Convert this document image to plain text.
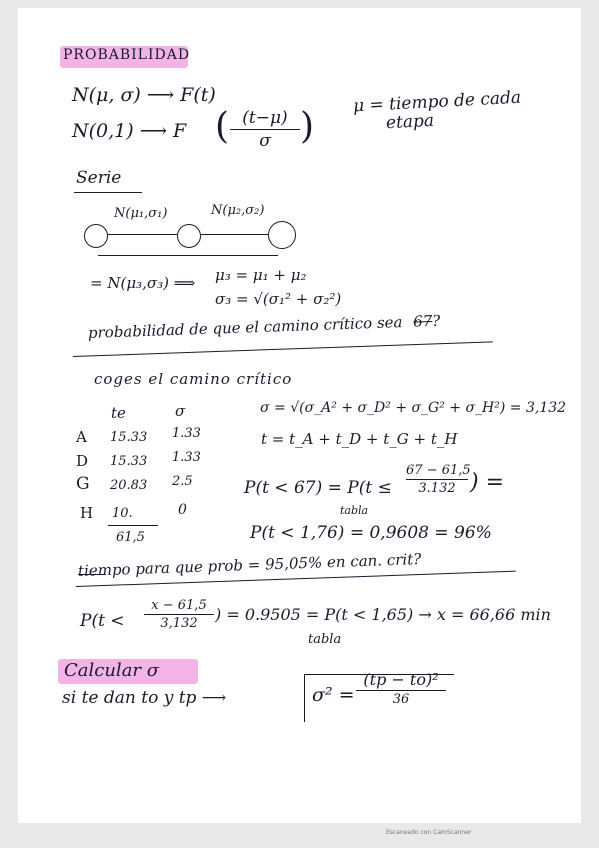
PROBABILIDAD
N(μ, σ) ⟶ F(t)
N(0,1) ⟶ F ( (t−μ)
σ )
μ = tiempo de cada
etapa
Serie
N(μ₁,σ₁)	N(μ₂,σ₂)
= N(μ₃,σ₃) ⟹ μ₃ = μ₁ + μ₂
σ₃ = √(σ₁² + σ₂²)
probabilidad de que el camino crítico sea 67?
coges el camino crítico
te	σ
A 15.33 1.33
D 15.33 1.33
G 20.83 2.5
H 10.	0
61,5
σ = √(σ_A² + σ_D² + σ_G² + σ_H²) = 3,132
t = t_A + t_D + t_G + t_H
P(t < 67) = P(t ≤
67 − 61,5
3.132 ) =
tabla
P(t < 1,76) = 0,9608 = 96%
tiempo para que prob = 95,05% en can. crit?
P(t <
x − 61,5
3,132	) = 0.9505 = P(t < 1,65) → x = 66,66 min
tabla
Calcular σ
si te dan to y tp ⟶	σ² =
(tp − to)²
36
Escaneado con CamScanner
